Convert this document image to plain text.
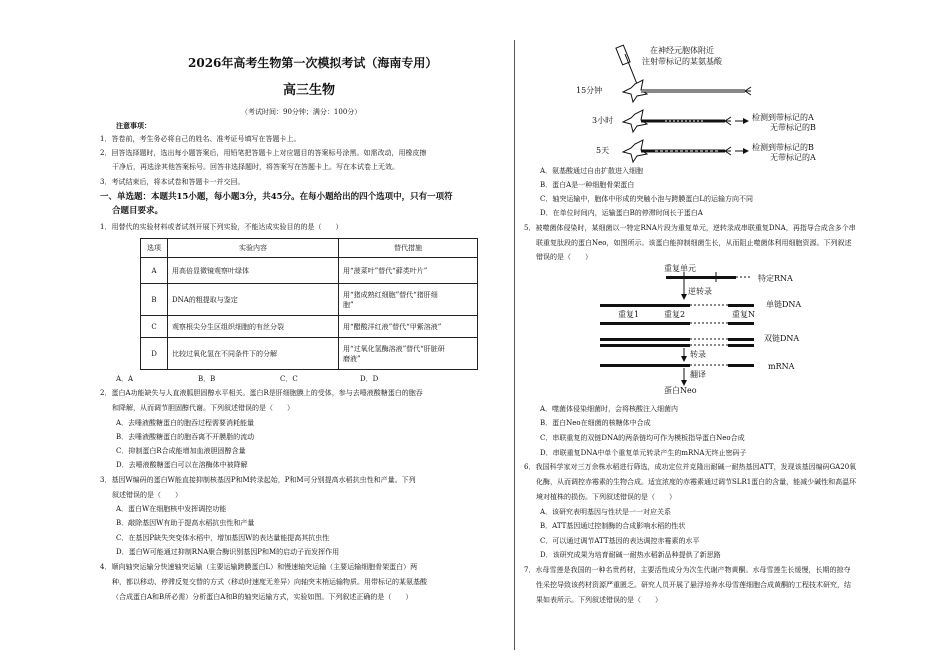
2026年高考生物第一次模拟考试（海南专用）
高三生物
（考试时间：90分钟；满分：100分）
注意事项：
1．答卷前，考生务必将自己的姓名、准考证号填写在答题卡上。
2．回答选择题时，选出每小题答案后，用铅笔把答题卡上对应题目的答案标号涂黑。如需改动，用橡皮擦
干净后，再选涂其他答案标号。回答非选择题时，将答案写在答题卡上。写在本试卷上无效。
3．考试结束后，将本试卷和答题卡一并交回。
一、单选题：本题共15小题，每小题3分，共45分。在每小题给出的四个选项中，只有一项符
合题目要求。
1．用替代的实验材料或者试剂开展下列实验，不能达成实验目的的是（　　）
选项	实验内容	替代措施
A	用高倍显微镜观察叶绿体	用“菠菜叶”替代“藓类叶片”

B	DNA的粗提取与鉴定	用“猪成熟红细胞”替代“猪肝细
胞”
C	观察根尖分生区组织细胞的有丝分裂	用“醋酸洋红液”替代“甲紫溶液”

D	比较过氧化氢在不同条件下的分解	用“过氧化氢酶溶液”替代“肝脏研
磨液”
A．A	B．B	C．C	D．D
2．蛋白A功能缺失与人直液胍胆固醇水平相关。蛋白R是肝细胞膜上的受体，参与去唾液酸糖蛋白的胞吞
和降解，从而调节胆固醇代谢。下列叙述错误的是（　　）
A．去唾液酸糖蛋白的胞吞过程需要消耗能量
B．去唾液酸糖蛋白的胞吞离不开膜脂的流动
C．抑制蛋白R合成能增加血液胆固醇含量
D．去唾液酸糖蛋白可以在溶酶体中被降解
3．基因W编码的蛋白W能直接抑制核基因P和M转录起始，P和M可分别提高水稻抗虫性和产量。下列
叙述错误的是（　　）
A．蛋白W在细胞核中发挥调控功能
B．敲除基因W有助于提高水稻抗虫性和产量
C．在基因P缺失突变体水稻中，增加基因W的表达量能提高其抗虫性
D．蛋白W可能通过抑制RNA聚合酶识别基因P和M的启动子而发挥作用
4．顺向轴突运输分快速轴突运输（主要运输跨膜蛋白L）和慢速轴突运输（主要运输细胞骨架蛋白）两
种，都以移动、停滞反复交替的方式（移动时速度无差异）向轴突末梢运输物质。用带标记的某氨基酸
（合成蛋白A和B所必需）分析蛋白A和B的轴突运输方式，实验如图。下列叙述正确的是（　　）
在神经元胞体附近
注射带标记的某氨基酸
15分钟
3小时
5天
检测到带标记的A
无带标记的B
检测到带标记的B
无带标记的A
A．氨基酸通过自由扩散进入细胞
B．蛋白A是一种细胞骨架蛋白
C．轴突运输中，胞体中形成的突触小泡与跨膜蛋白L的运输方向不同
D．在单位时间内，运输蛋白B的停滞时间长于蛋白A
5．被噬菌体侵染时，某细菌以一特定RNA片段为重复单元，逆转录成串联重复DNA，再指导合成含多个串
联重复肽段的蛋白Neo，如图所示。该蛋白能抑制细菌生长，从而阻止噬菌体利用细胞资源。下列叙述
错误的是（　　）
重复单元
特定RNA
逆转录
单链DNA
重复1	重复2	重复N
双链DNA
转录
mRNA
翻译
蛋白Neo
A．噬菌体侵染细菌时，会将核酸注入细菌内
B．蛋白Neo在细菌的核糖体中合成
C．串联重复的双链DNA的两条链均可作为模板指导蛋白Neo合成
D．串联重复DNA中单个重复单元转录产生的mRNA无终止密码子
6．我国科学家对三万余株水稻进行筛选，成功定位并克隆出耐碱一耐热基因ATT，发现该基因编码GA20氧
化酶，从而调控赤霉素的生物合成。适宜浓度的赤霉素通过调节SLR1蛋白的含量，能减少碱性和高温环
境对植株的损伤。下列叙述错误的是（　　）
A．该研究表明基因与性状是一一对应关系
B．ATT基因通过控制酶的合成影响水稻的性状
C．可以通过调节ATT基因的表达调控赤霉素的水平
D．该研究成果为培育耐碱一耐热水稻新品种提供了新思路
7．水母雪莲是我国的一种名贵药材，主要活性成分为次生代谢产物黄酮。水母雪莲生长缓慢，长期的掠夺
性采挖导致该药材资源严重匮乏。研究人员开展了悬浮培养水母雪莲细胞合成黄酮的工程技术研究，结
果如表所示。下列叙述错误的是（　　）
